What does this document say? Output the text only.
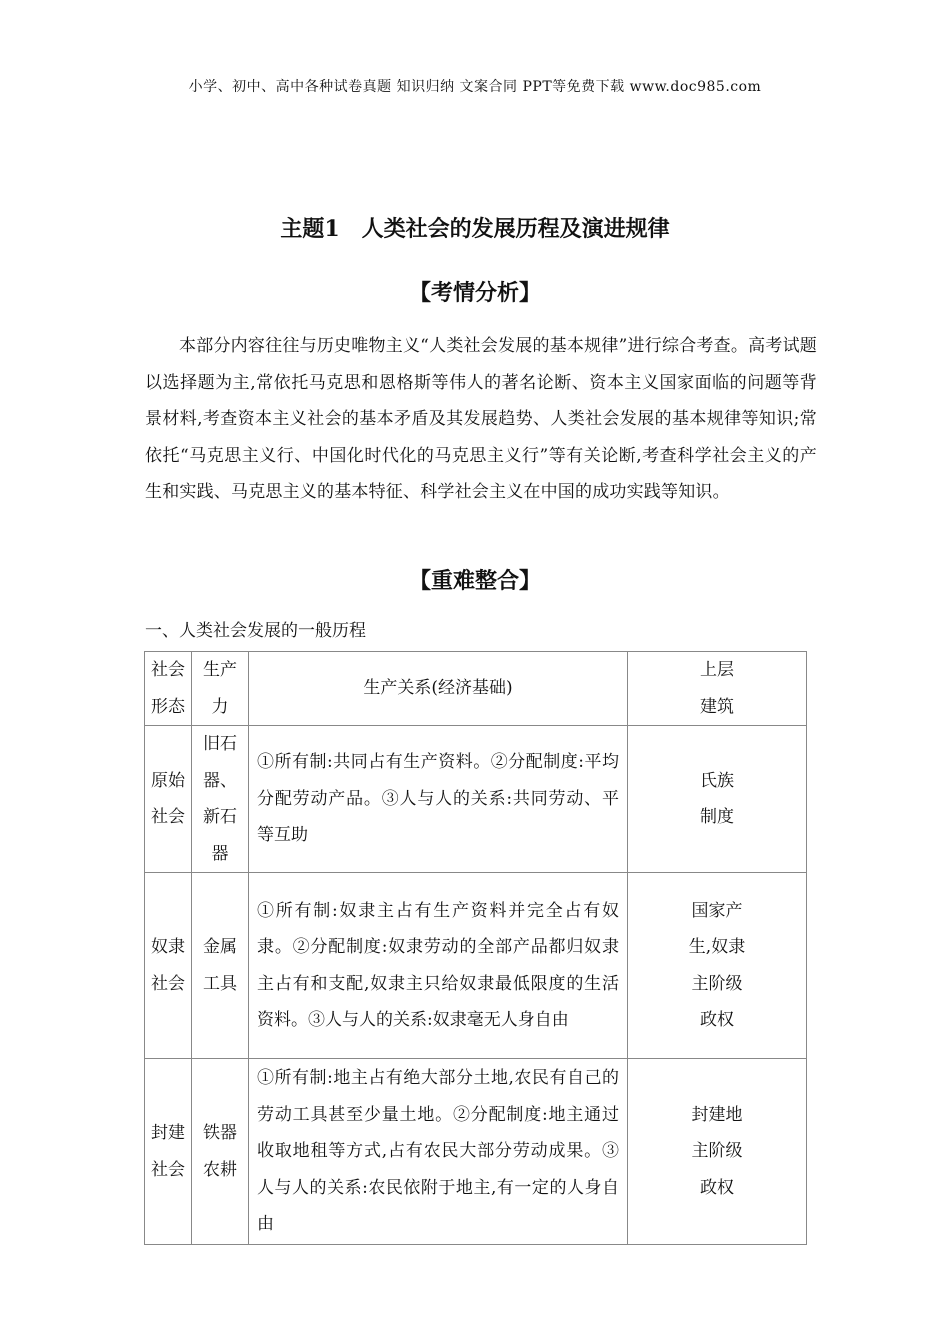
小学、初中、高中各种试卷真题 知识归纳 文案合同 PPT等免费下载 www.doc985.com
主题1　人类社会的发展历程及演进规律
【考情分析】
本部分内容往往与历史唯物主义“人类社会发展的基本规律”进行综合考查。高考试题以选择题为主,常依托马克思和恩格斯等伟人的著名论断、资本主义国家面临的问题等背景材料,考查资本主义社会的基本矛盾及其发展趋势、人类社会发展的基本规律等知识;常依托“马克思主义行、中国化时代化的马克思主义行”等有关论断,考查科学社会主义的产生和实践、马克思主义的基本特征、科学社会主义在中国的成功实践等知识。
【重难整合】
一、人类社会发展的一般历程
社会形态	生产力	生产关系(经济基础)	上层建筑
原始社会	旧石器、新石器	①所有制:共同占有生产资料。②分配制度:平均分配劳动产品。③人与人的关系:共同劳动、平等互助	氏族制度
奴隶社会	金属工具	①所有制:奴隶主占有生产资料并完全占有奴隶。②分配制度:奴隶劳动的全部产品都归奴隶主占有和支配,奴隶主只给奴隶最低限度的生活资料。③人与人的关系:奴隶毫无人身自由	国家产生,奴隶主阶级政权
封建社会	铁器农耕	①所有制:地主占有绝大部分土地,农民有自己的劳动工具甚至少量土地。②分配制度:地主通过收取地租等方式,占有农民大部分劳动成果。③人与人的关系:农民依附于地主,有一定的人身自由	封建地主阶级政权
